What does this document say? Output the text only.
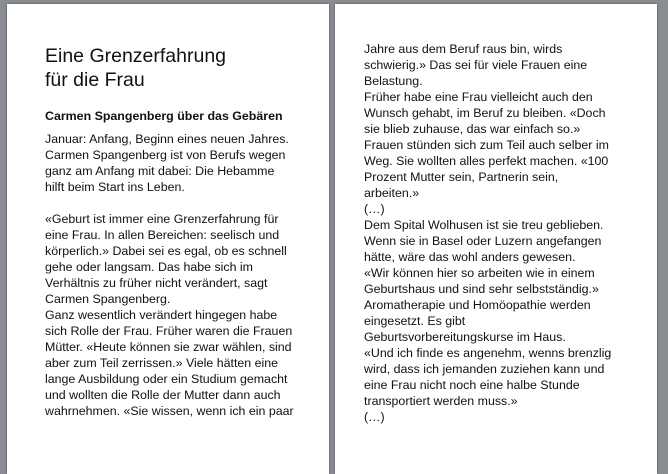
Eine Grenzerfahrung
für die Frau
Carmen Spangenberg über das Gebären

Januar: Anfang, Beginn eines neuen Jahres.
Carmen Spangenberg ist von Berufs wegen
ganz am Anfang mit dabei: Die Hebamme
hilft beim Start ins Leben.

«Geburt ist immer eine Grenzerfahrung für
eine Frau. In allen Bereichen: seelisch und
körperlich.» Dabei sei es egal, ob es schnell
gehe oder langsam. Das habe sich im
Verhältnis zu früher nicht verändert, sagt
Carmen Spangenberg.
Ganz wesentlich verändert hingegen habe
sich Rolle der Frau. Früher waren die Frauen
Mütter. «Heute können sie zwar wählen, sind
aber zum Teil zerrissen.» Viele hätten eine
lange Ausbildung oder ein Studium gemacht
und wollten die Rolle der Mutter dann auch
wahrnehmen. «Sie wissen, wenn ich ein paar

Jahre aus dem Beruf raus bin, wirds
schwierig.» Das sei für viele Frauen eine
Belastung.
Früher habe eine Frau vielleicht auch den
Wunsch gehabt, im Beruf zu bleiben. «Doch
sie blieb zuhause, das war einfach so.»
Frauen stünden sich zum Teil auch selber im
Weg. Sie wollten alles perfekt machen. «100
Prozent Mutter sein, Partnerin sein,
arbeiten.»
(…)
Dem Spital Wolhusen ist sie treu geblieben.
Wenn sie in Basel oder Luzern angefangen
hätte, wäre das wohl anders gewesen.
«Wir können hier so arbeiten wie in einem
Geburtshaus und sind sehr selbstständig.»
Aromatherapie und Homöopathie werden
eingesetzt. Es gibt
Geburtsvorbereitungskurse im Haus.
«Und ich finde es angenehm, wenns brenzlig
wird, dass ich jemanden zuziehen kann und
eine Frau nicht noch eine halbe Stunde
transportiert werden muss.»
(…)
